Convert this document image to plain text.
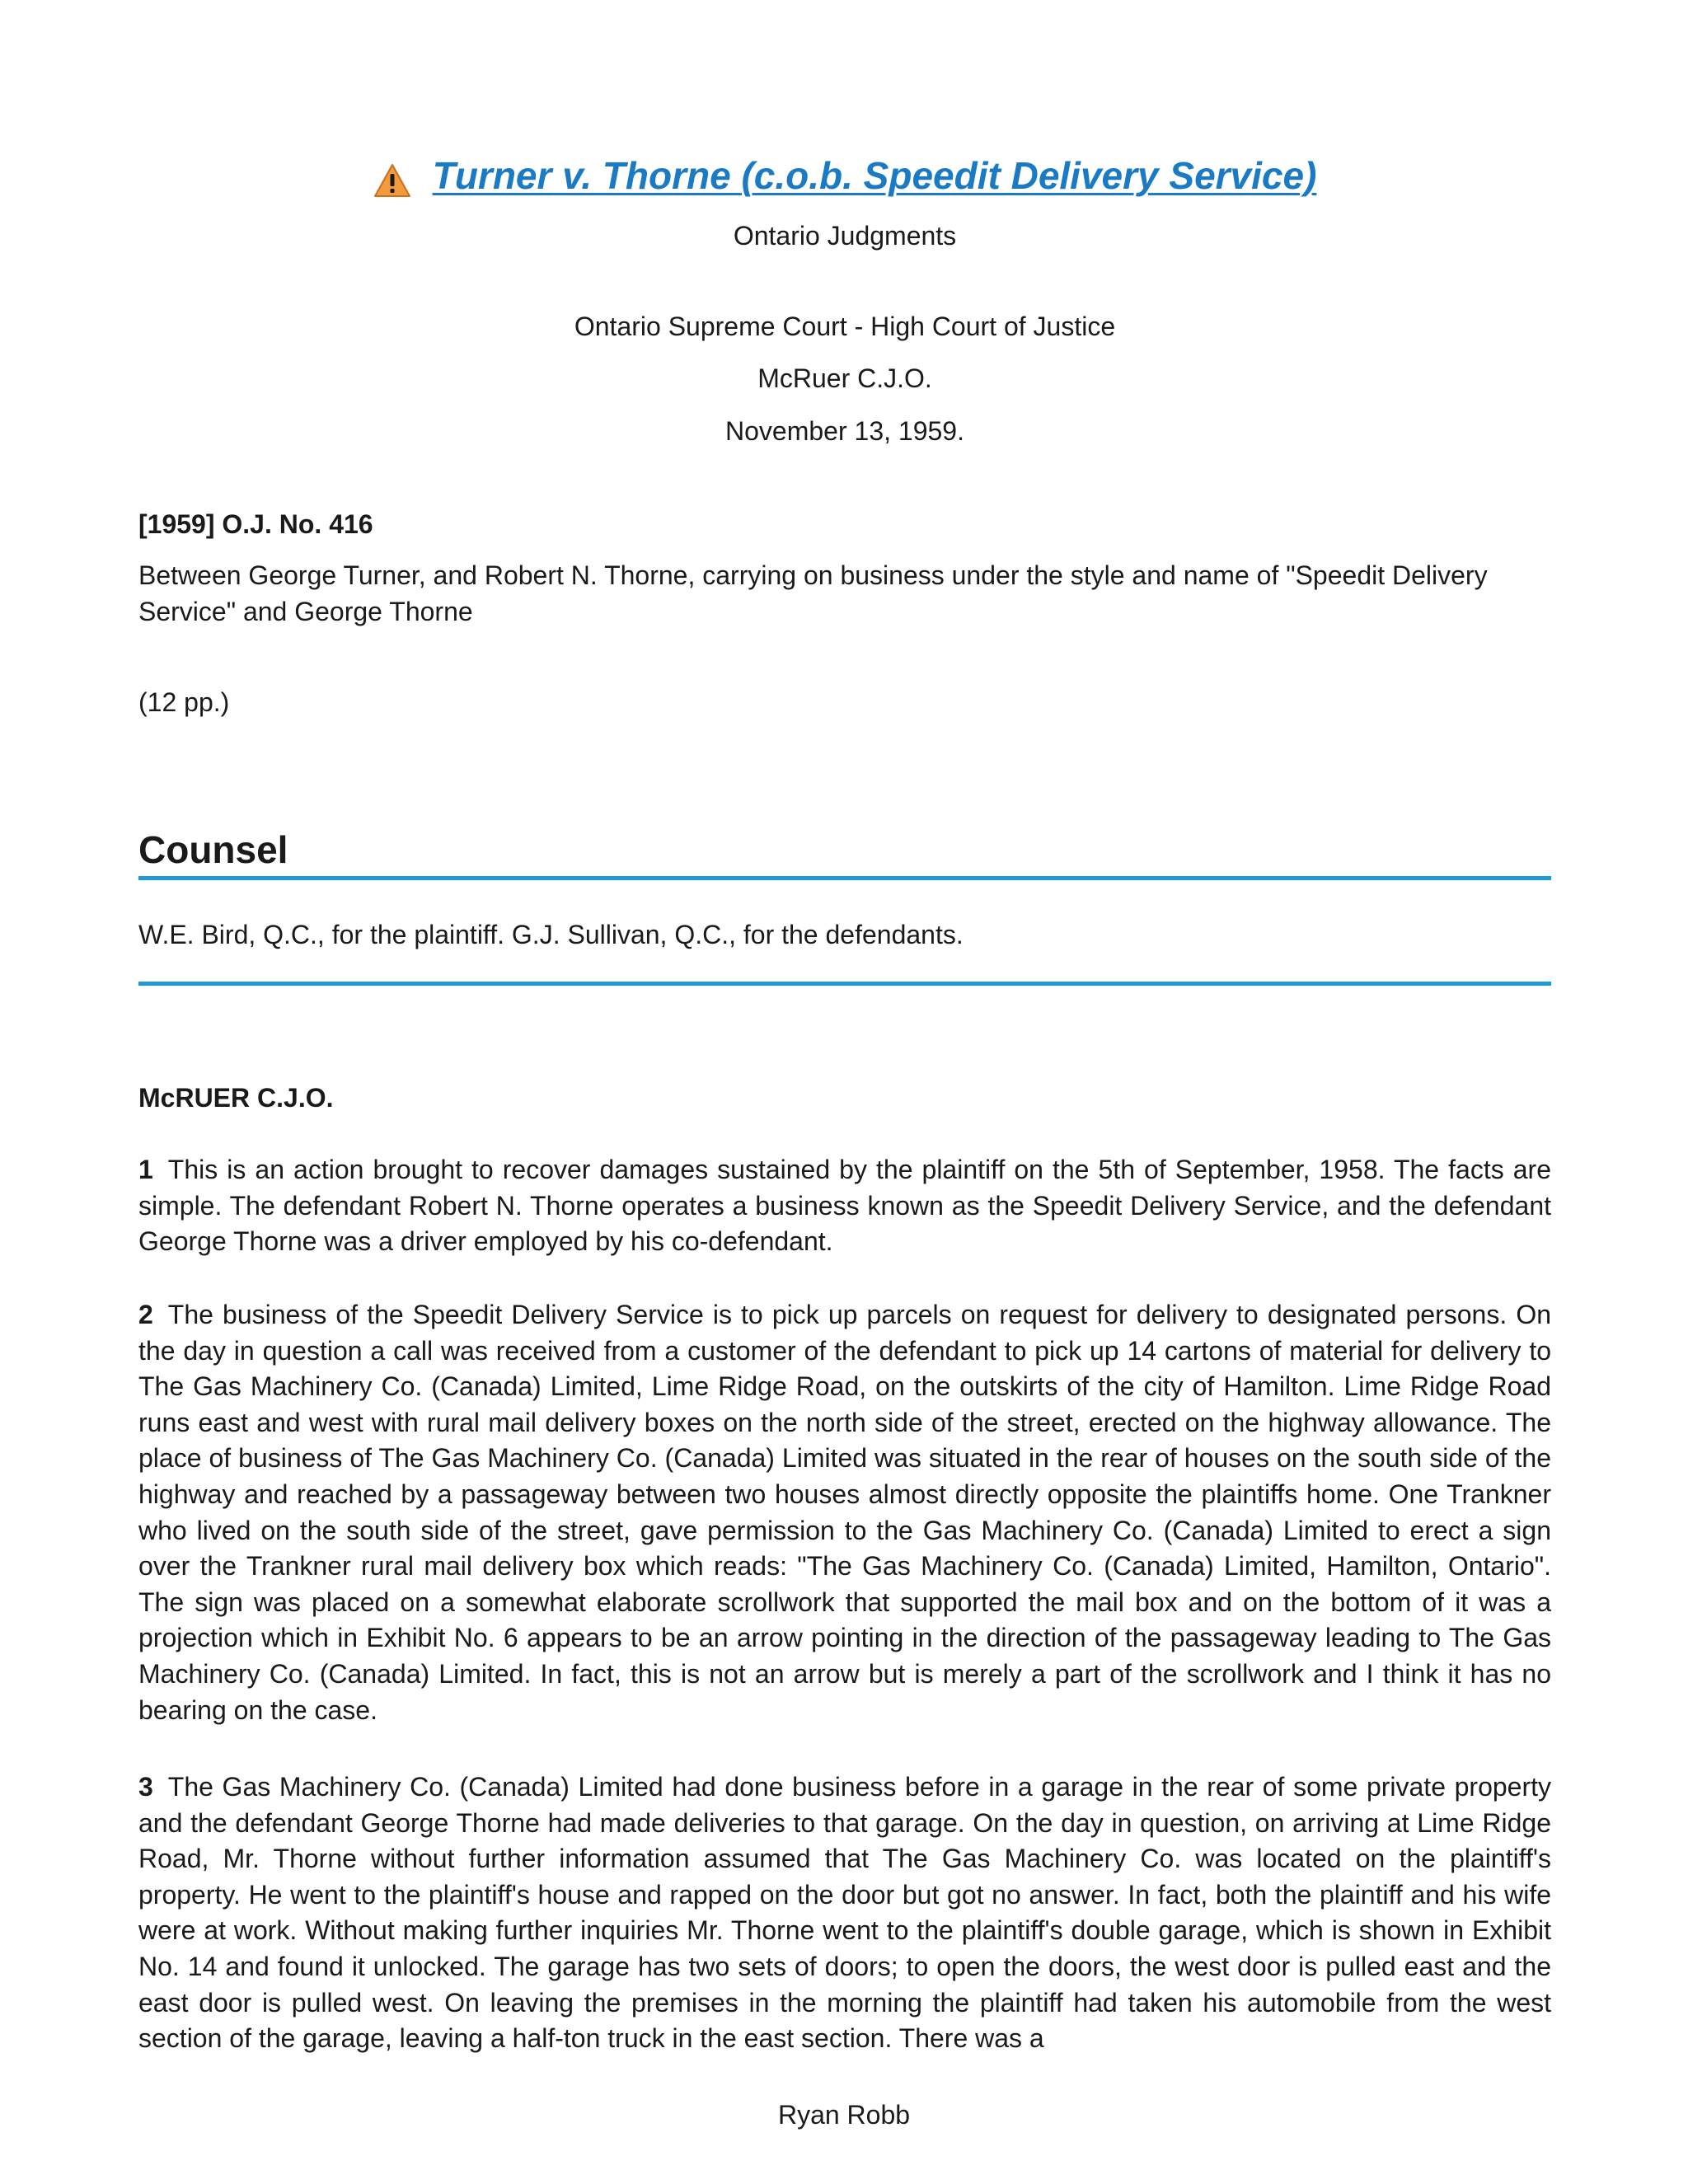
Turner v. Thorne (c.o.b. Speedit Delivery Service)
Ontario Judgments
Ontario Supreme Court - High Court of Justice
McRuer C.J.O.
November 13, 1959.
[1959] O.J. No. 416
Between George Turner, and Robert N. Thorne, carrying on business under the style and name of "Speedit Delivery Service" and George Thorne
(12 pp.)
Counsel
W.E. Bird, Q.C., for the plaintiff. G.J. Sullivan, Q.C., for the defendants.
McRUER C.J.O.

1 This is an action brought to recover damages sustained by the plaintiff on the 5th of September, 1958. The facts are simple. The defendant Robert N. Thorne operates a business known as the Speedit Delivery Service, and the defendant George Thorne was a driver employed by his co-defendant.

2 The business of the Speedit Delivery Service is to pick up parcels on request for delivery to designated persons. On the day in question a call was received from a customer of the defendant to pick up 14 cartons of material for delivery to The Gas Machinery Co. (Canada) Limited, Lime Ridge Road, on the outskirts of the city of Hamilton. Lime Ridge Road runs east and west with rural mail delivery boxes on the north side of the street, erected on the highway allowance. The place of business of The Gas Machinery Co. (Canada) Limited was situated in the rear of houses on the south side of the highway and reached by a passageway between two houses almost directly opposite the plaintiffs home. One Trankner who lived on the south side of the street, gave permission to the Gas Machinery Co. (Canada) Limited to erect a sign over the Trankner rural mail delivery box which reads: "The Gas Machinery Co. (Canada) Limited, Hamilton, Ontario". The sign was placed on a somewhat elaborate scrollwork that supported the mail box and on the bottom of it was a projection which in Exhibit No. 6 appears to be an arrow pointing in the direction of the passageway leading to The Gas Machinery Co. (Canada) Limited. In fact, this is not an arrow but is merely a part of the scrollwork and I think it has no bearing on the case.

3 The Gas Machinery Co. (Canada) Limited had done business before in a garage in the rear of some private property and the defendant George Thorne had made deliveries to that garage. On the day in question, on arriving at Lime Ridge Road, Mr. Thorne without further information assumed that The Gas Machinery Co. was located on the plaintiff's property. He went to the plaintiff's house and rapped on the door but got no answer. In fact, both the plaintiff and his wife were at work. Without making further inquiries Mr. Thorne went to the plaintiff's double garage, which is shown in Exhibit No. 14 and found it unlocked. The garage has two sets of doors; to open the doors, the west door is pulled east and the east door is pulled west. On leaving the premises in the morning the plaintiff had taken his automobile from the west section of the garage, leaving a half-ton truck in the east section. There was a

Ryan Robb
